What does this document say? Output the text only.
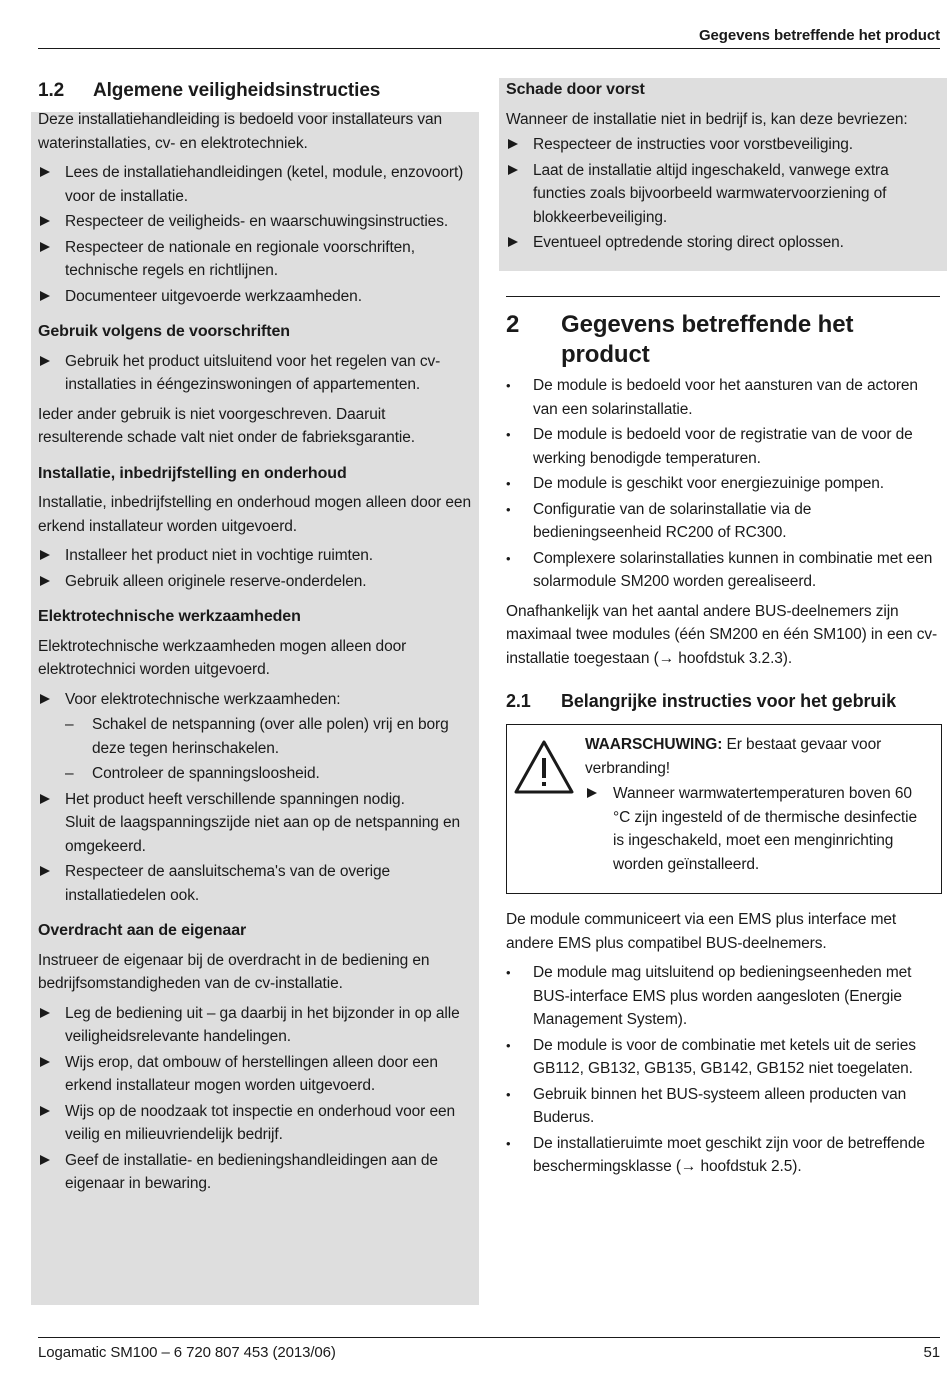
Gegevens betreffende het product
1.2	Algemene veiligheidsinstructies

Deze installatiehandleiding is bedoeld voor installateurs van waterinstallaties, cv- en elektrotechniek.

Lees de installatiehandleidingen (ketel, module, enzovoort) voor de installatie.
Respecteer de veiligheids- en waarschuwingsinstructies.
Respecteer de nationale en regionale voorschriften, technische regels en richtlijnen.
Documenteer uitgevoerde werkzaamheden.
Gebruik volgens de voorschriften
Gebruik het product uitsluitend voor het regelen van cv-installaties in ééngezinswoningen of appartementen.

Ieder ander gebruik is niet voorgeschreven. Daaruit resulterende schade valt niet onder de fabrieksgarantie.

Installatie, inbedrijfstelling en onderhoud

Installatie, inbedrijfstelling en onderhoud mogen alleen door een erkend installateur worden uitgevoerd.

Installeer het product niet in vochtige ruimten.
Gebruik alleen originele reserve-onderdelen.
Elektrotechnische werkzaamheden

Elektrotechnische werkzaamheden mogen alleen door elektrotechnici worden uitgevoerd.

Voor elektrotechnische werkzaamheden:
– Schakel de netspanning (over alle polen) vrij en borg deze tegen herinschakelen.
– Controleer de spanningsloosheid.
Het product heeft verschillende spanningen nodig.
Sluit de laagspanningszijde niet aan op de netspanning en omgekeerd.
Respecteer de aansluitschema's van de overige installatiedelen ook.
Overdracht aan de eigenaar

Instrueer de eigenaar bij de overdracht in de bediening en bedrijfsomstandigheden van de cv-installatie.

Leg de bediening uit – ga daarbij in het bijzonder in op alle veiligheidsrelevante handelingen.
Wijs erop, dat ombouw of herstellingen alleen door een erkend installateur mogen worden uitgevoerd.
Wijs op de noodzaak tot inspectie en onderhoud voor een veilig en milieuvriendelijk bedrijf.
Geef de installatie- en bedieningshandleidingen aan de eigenaar in bewaring.
Schade door vorst

Wanneer de installatie niet in bedrijf is, kan deze bevriezen:

Respecteer de instructies voor vorstbeveiliging.
Laat de installatie altijd ingeschakeld, vanwege extra functies zoals bijvoorbeeld warmwatervoorziening of blokkeerbeveiliging.
Eventueel optredende storing direct oplossen.
2	Gegevens betreffende het product
• De module is bedoeld voor het aansturen van de actoren van een solarinstallatie.
• De module is bedoeld voor de registratie van de voor de werking benodigde temperaturen.
• De module is geschikt voor energiezuinige pompen.
• Configuratie van de solarinstallatie via de bedieningseenheid RC200 of RC300.
• Complexere solarinstallaties kunnen in combinatie met een solarmodule SM200 worden gerealiseerd.

Onafhankelijk van het aantal andere BUS-deelnemers zijn maximaal twee modules (één SM200 en één SM100) in een cv-installatie toegestaan (→ hoofdstuk 3.2.3).

2.1	Belangrijke instructies voor het gebruik
WAARSCHUWING: Er bestaat gevaar voor verbranding!
Wanneer warmwatertemperaturen boven 60 °C zijn ingesteld of de thermische desinfectie is ingeschakeld, moet een menginrichting worden geïnstalleerd.

De module communiceert via een EMS plus interface met andere EMS plus compatibel BUS-deelnemers.

• De module mag uitsluitend op bedieningseenheden met BUS-interface EMS plus worden aangesloten (Energie Management System).
• De module is voor de combinatie met ketels uit de series GB112, GB132, GB135, GB142, GB152 niet toegelaten.
• Gebruik binnen het BUS-systeem alleen producten van Buderus.
• De installatieruimte moet geschikt zijn voor de betreffende beschermingsklasse (→ hoofdstuk 2.5).
Logamatic SM100 – 6 720 807 453 (2013/06)	51
